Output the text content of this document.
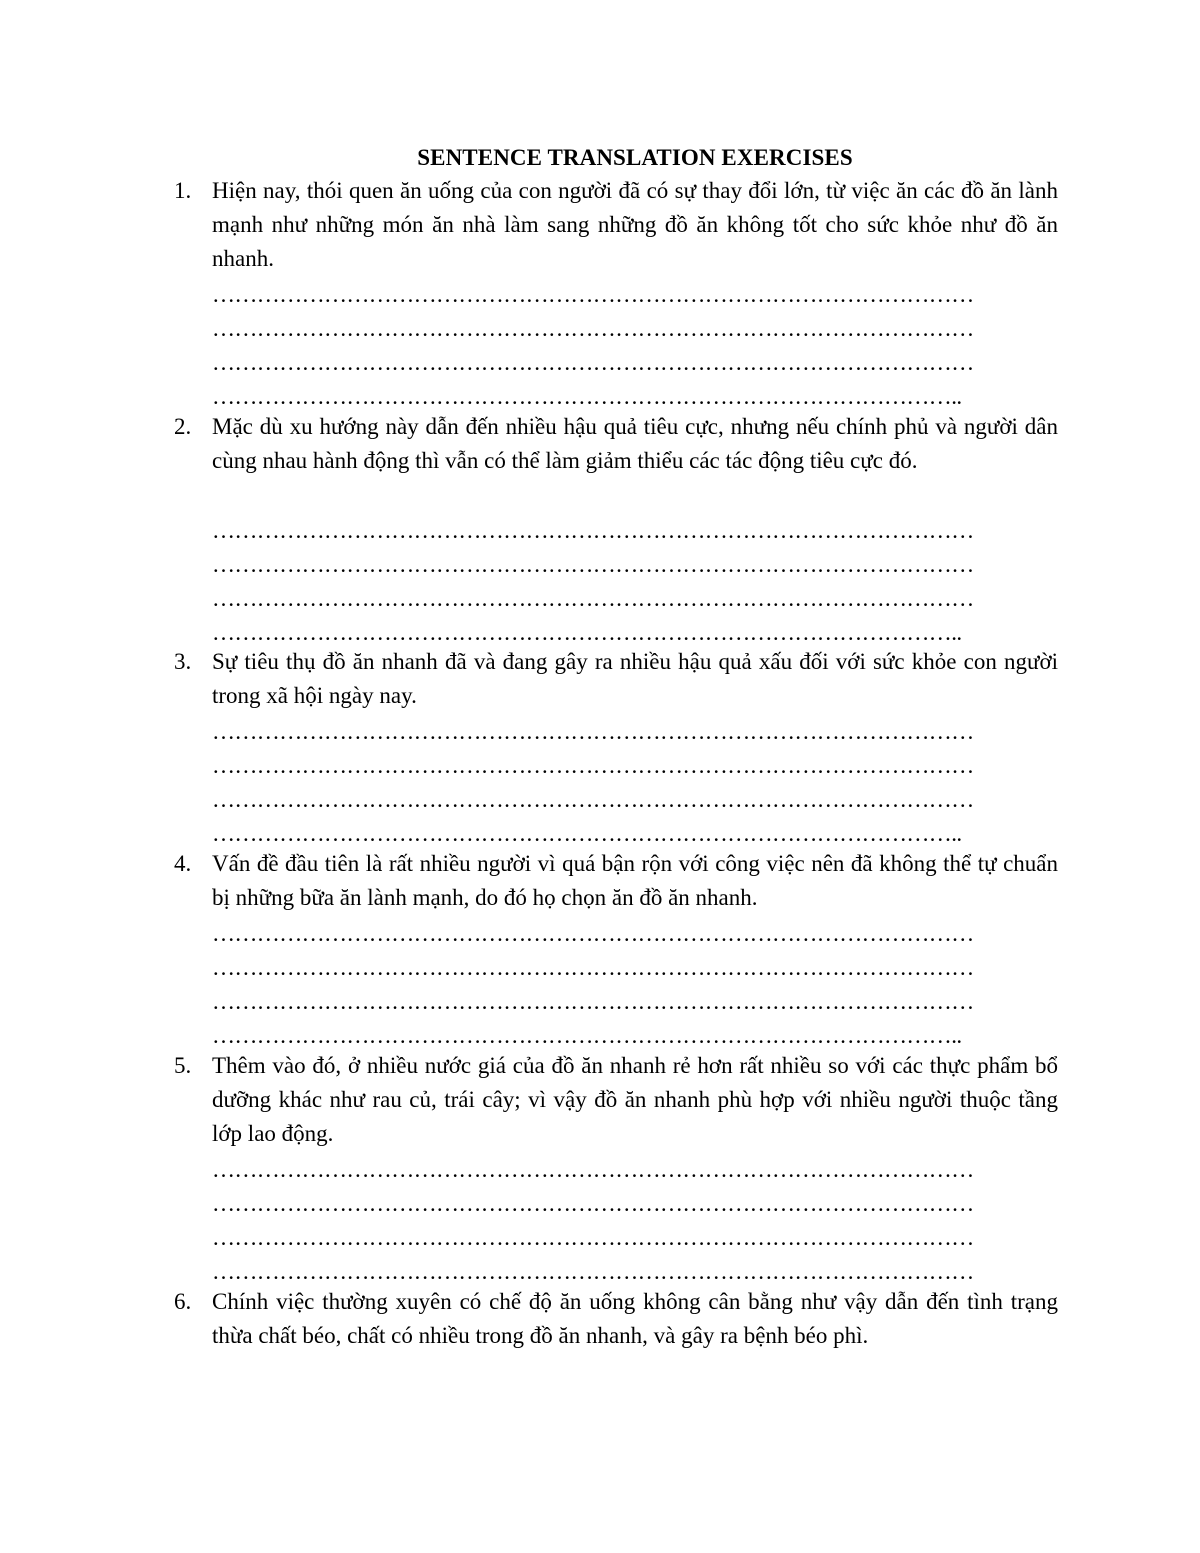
SENTENCE TRANSLATION EXERCISES
1. Hiện nay, thói quen ăn uống của con người đã có sự thay đổi lớn, từ việc ăn các đồ ăn lành mạnh như những món ăn nhà làm sang những đồ ăn không tốt cho sức khỏe như đồ ăn nhanh.
…………………………………………………………………………………………
…………………………………………………………………………………………
…………………………………………………………………………………………
………………………………………………………………………………………..
2. Mặc dù xu hướng này dẫn đến nhiều hậu quả tiêu cực, nhưng nếu chính phủ và người dân cùng nhau hành động thì vẫn có thể làm giảm thiểu các tác động tiêu cực đó.
…………………………………………………………………………………………
…………………………………………………………………………………………
…………………………………………………………………………………………
………………………………………………………………………………………..
3. Sự tiêu thụ đồ ăn nhanh đã và đang gây ra nhiều hậu quả xấu đối với sức khỏe con người trong xã hội ngày nay.
…………………………………………………………………………………………
…………………………………………………………………………………………
…………………………………………………………………………………………
………………………………………………………………………………………..
4. Vấn đề đầu tiên là rất nhiều người vì quá bận rộn với công việc nên đã không thể tự chuẩn bị những bữa ăn lành mạnh, do đó họ chọn ăn đồ ăn nhanh.
…………………………………………………………………………………………
…………………………………………………………………………………………
…………………………………………………………………………………………
………………………………………………………………………………………..
5. Thêm vào đó, ở nhiều nước giá của đồ ăn nhanh rẻ hơn rất nhiều so với các thực phẩm bổ dưỡng khác như rau củ, trái cây; vì vậy đồ ăn nhanh phù hợp với nhiều người thuộc tầng lớp lao động.
…………………………………………………………………………………………
…………………………………………………………………………………………
…………………………………………………………………………………………
…………………………………………………………………………………………
6. Chính việc thường xuyên có chế độ ăn uống không cân bằng như vậy dẫn đến tình trạng thừa chất béo, chất có nhiều trong đồ ăn nhanh, và gây ra bệnh béo phì.
